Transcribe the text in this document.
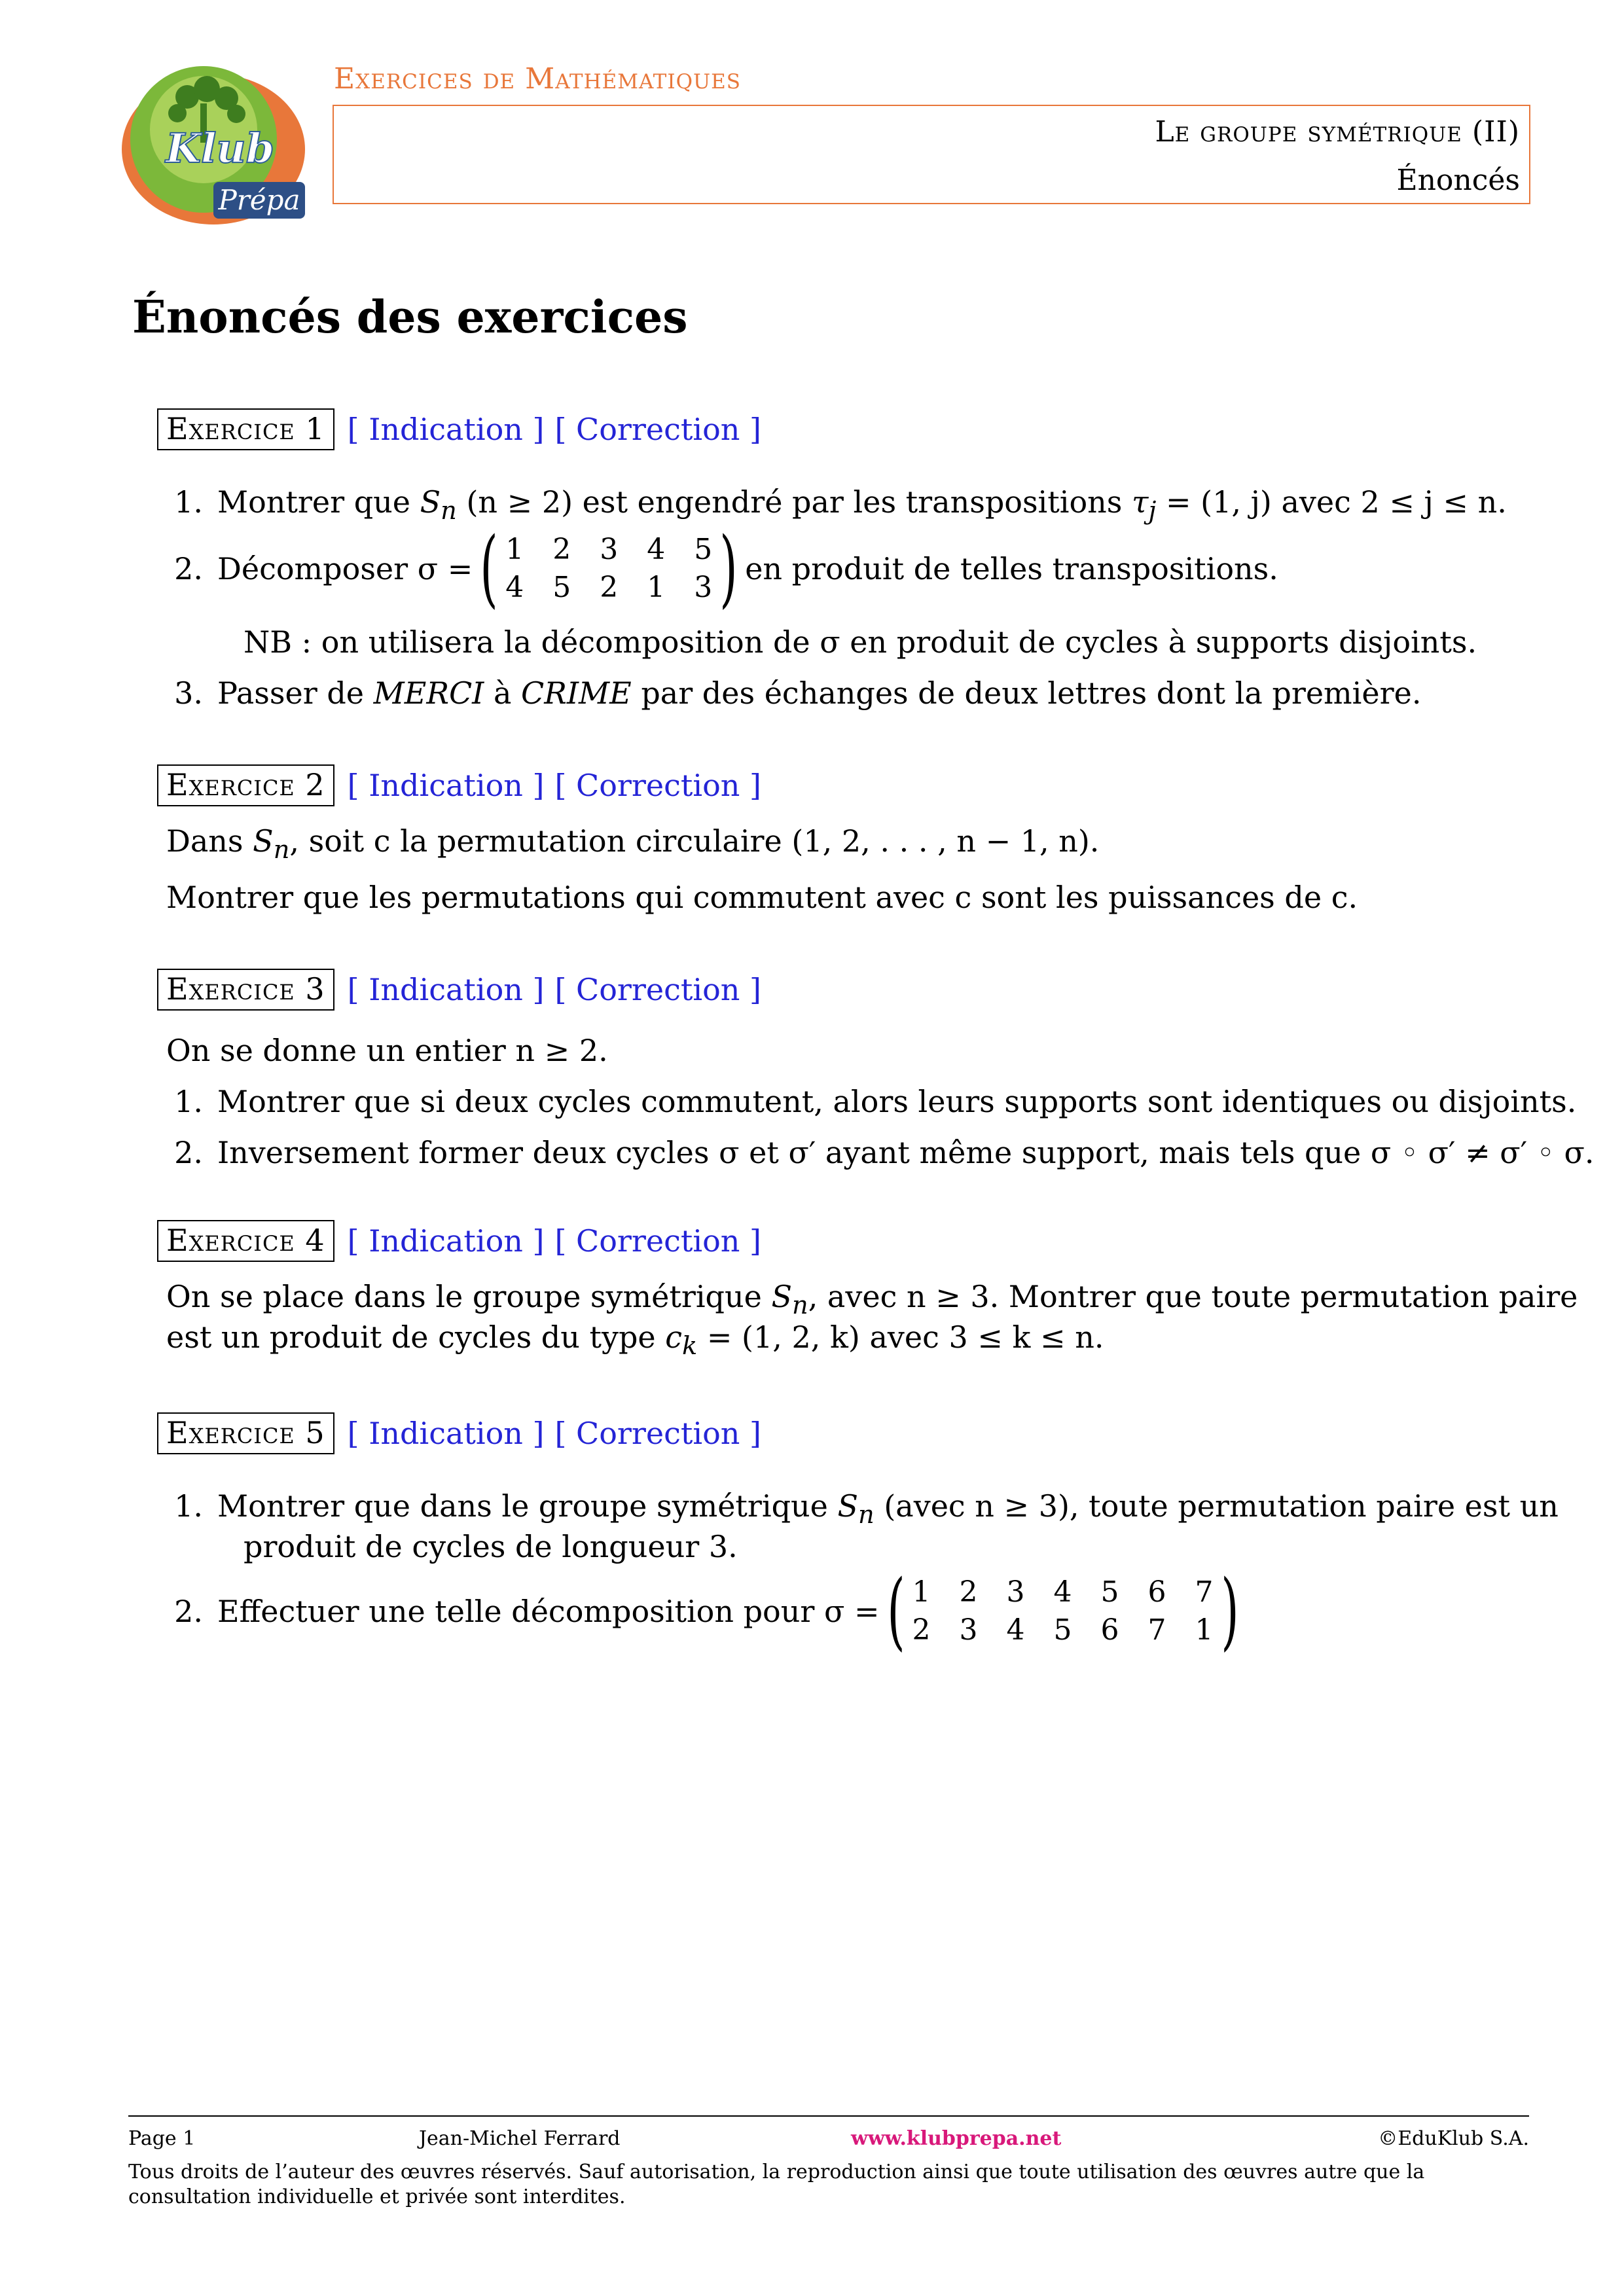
Klub
Prépa
Exercices de Mathématiques
Le groupe symétrique (II)
Énoncés
Énoncés des exercices
Exercice 1 [ Indication ] [ Correction ]
1. Montrer que $S_n$ (n ≥ 2) est engendré par les transpositions $\tau_j = (1$, j) avec 2 ≤ j ≤ n.
2. Décomposer σ = ( 1 2 3 4 5
4 5 2 1 3 ) en produit de telles transpositions.
NB : on utilisera la décomposition de σ en produit de cycles à supports disjoints.
3. Passer de MERCI à CRIME par des échanges de deux lettres dont la première.
Exercice 2 [ Indication ] [ Correction ]
Dans $S_n$, soit c la permutation circulaire (1, 2, . . . , n − 1, n).
Montrer que les permutations qui commutent avec c sont les puissances de c.
Exercice 3 [ Indication ] [ Correction ]
On se donne un entier n ≥ 2.
1. Montrer que si deux cycles commutent, alors leurs supports sont identiques ou disjoints.
2. Inversement former deux cycles σ et σ′ ayant même support, mais tels que σ ◦ σ′ ≠ σ′ ◦ σ.
Exercice 4 [ Indication ] [ Correction ]
On se place dans le groupe symétrique $S_n$, avec n ≥ 3. Montrer que toute permutation paire
est un produit de cycles du type $c_k = (1$, 2, k) avec 3 ≤ k ≤ n.
Exercice 5 [ Indication ] [ Correction ]
1. Montrer que dans le groupe symétrique $S_n$ (avec n ≥ 3), toute permutation paire est un
produit de cycles de longueur 3.
2. Effectuer une telle décomposition pour σ = ( 1 2 3 4 5 6 7
2 3 4 5 6 7 1 )
Page 1	Jean-Michel Ferrard	www.klubprepa.net	©EduKlub S.A.
Tous droits de l’auteur des œuvres réservés. Sauf autorisation, la reproduction ainsi que toute utilisation des œuvres autre que la consultation individuelle et privée sont interdites.
